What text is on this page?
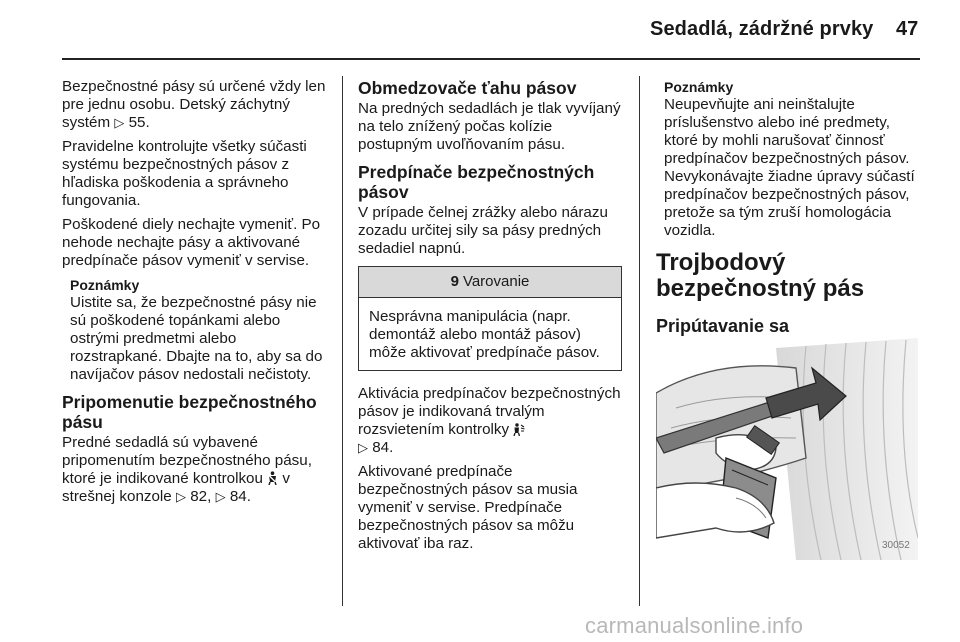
Sedadlá, zádržné prvky 47

Bezpečnostné pásy sú určené vždy len pre jednu osobu. Detský záchytný systém ▷ 55.

Pravidelne kontrolujte všetky súčasti systému bezpečnostných pásov z hľadiska poškodenia a správneho fungovania.

Poškodené diely nechajte vymeniť. Po nehode nechajte pásy a aktivované predpínače pásov vymeniť v servise.

Poznámky
Uistite sa, že bezpečnostné pásy nie sú poškodené topánkami alebo ostrými predmetmi alebo rozstrapkané. Dbajte na to, aby sa do navíjačov pásov nedostali nečistoty.
Pripomenutie bezpečnostného pásu

Predné sedadlá sú vybavené pripomenutím bezpečnostného pásu, ktoré je indikované kontrolkou v strešnej konzole ▷ 82, ▷ 84.

Obmedzovače ťahu pásov

Na predných sedadlách je tlak vyvíjaný na telo znížený počas kolízie postupným uvoľňovaním pásu.

Predpínače bezpečnostných pásov

V prípade čelnej zrážky alebo nárazu zozadu určitej sily sa pásy predných sedadiel napnú.

9 Varovanie
Nesprávna manipulácia (napr. demontáž alebo montáž pásov) môže aktivovať predpínače pásov.

Aktivácia predpínačov bezpečnostných pásov je indikovaná trvalým rozsvietením kontrolky
▷ 84.

Aktivované predpínače bezpečnostných pásov sa musia vymeniť v servise. Predpínače bezpečnostných pásov sa môžu aktivovať iba raz.

Poznámky
Neupevňujte ani neinštalujte príslušenstvo alebo iné predmety, ktoré by mohli narušovať činnosť predpínačov bezpečnostných pásov. Nevykonávajte žiadne úpravy súčastí predpínačov bezpečnostných pásov, pretože sa tým zruší homologácia vozidla.
Trojbodový bezpečnostný pás
Pripútavanie sa
30052
carmanualsonline.info
